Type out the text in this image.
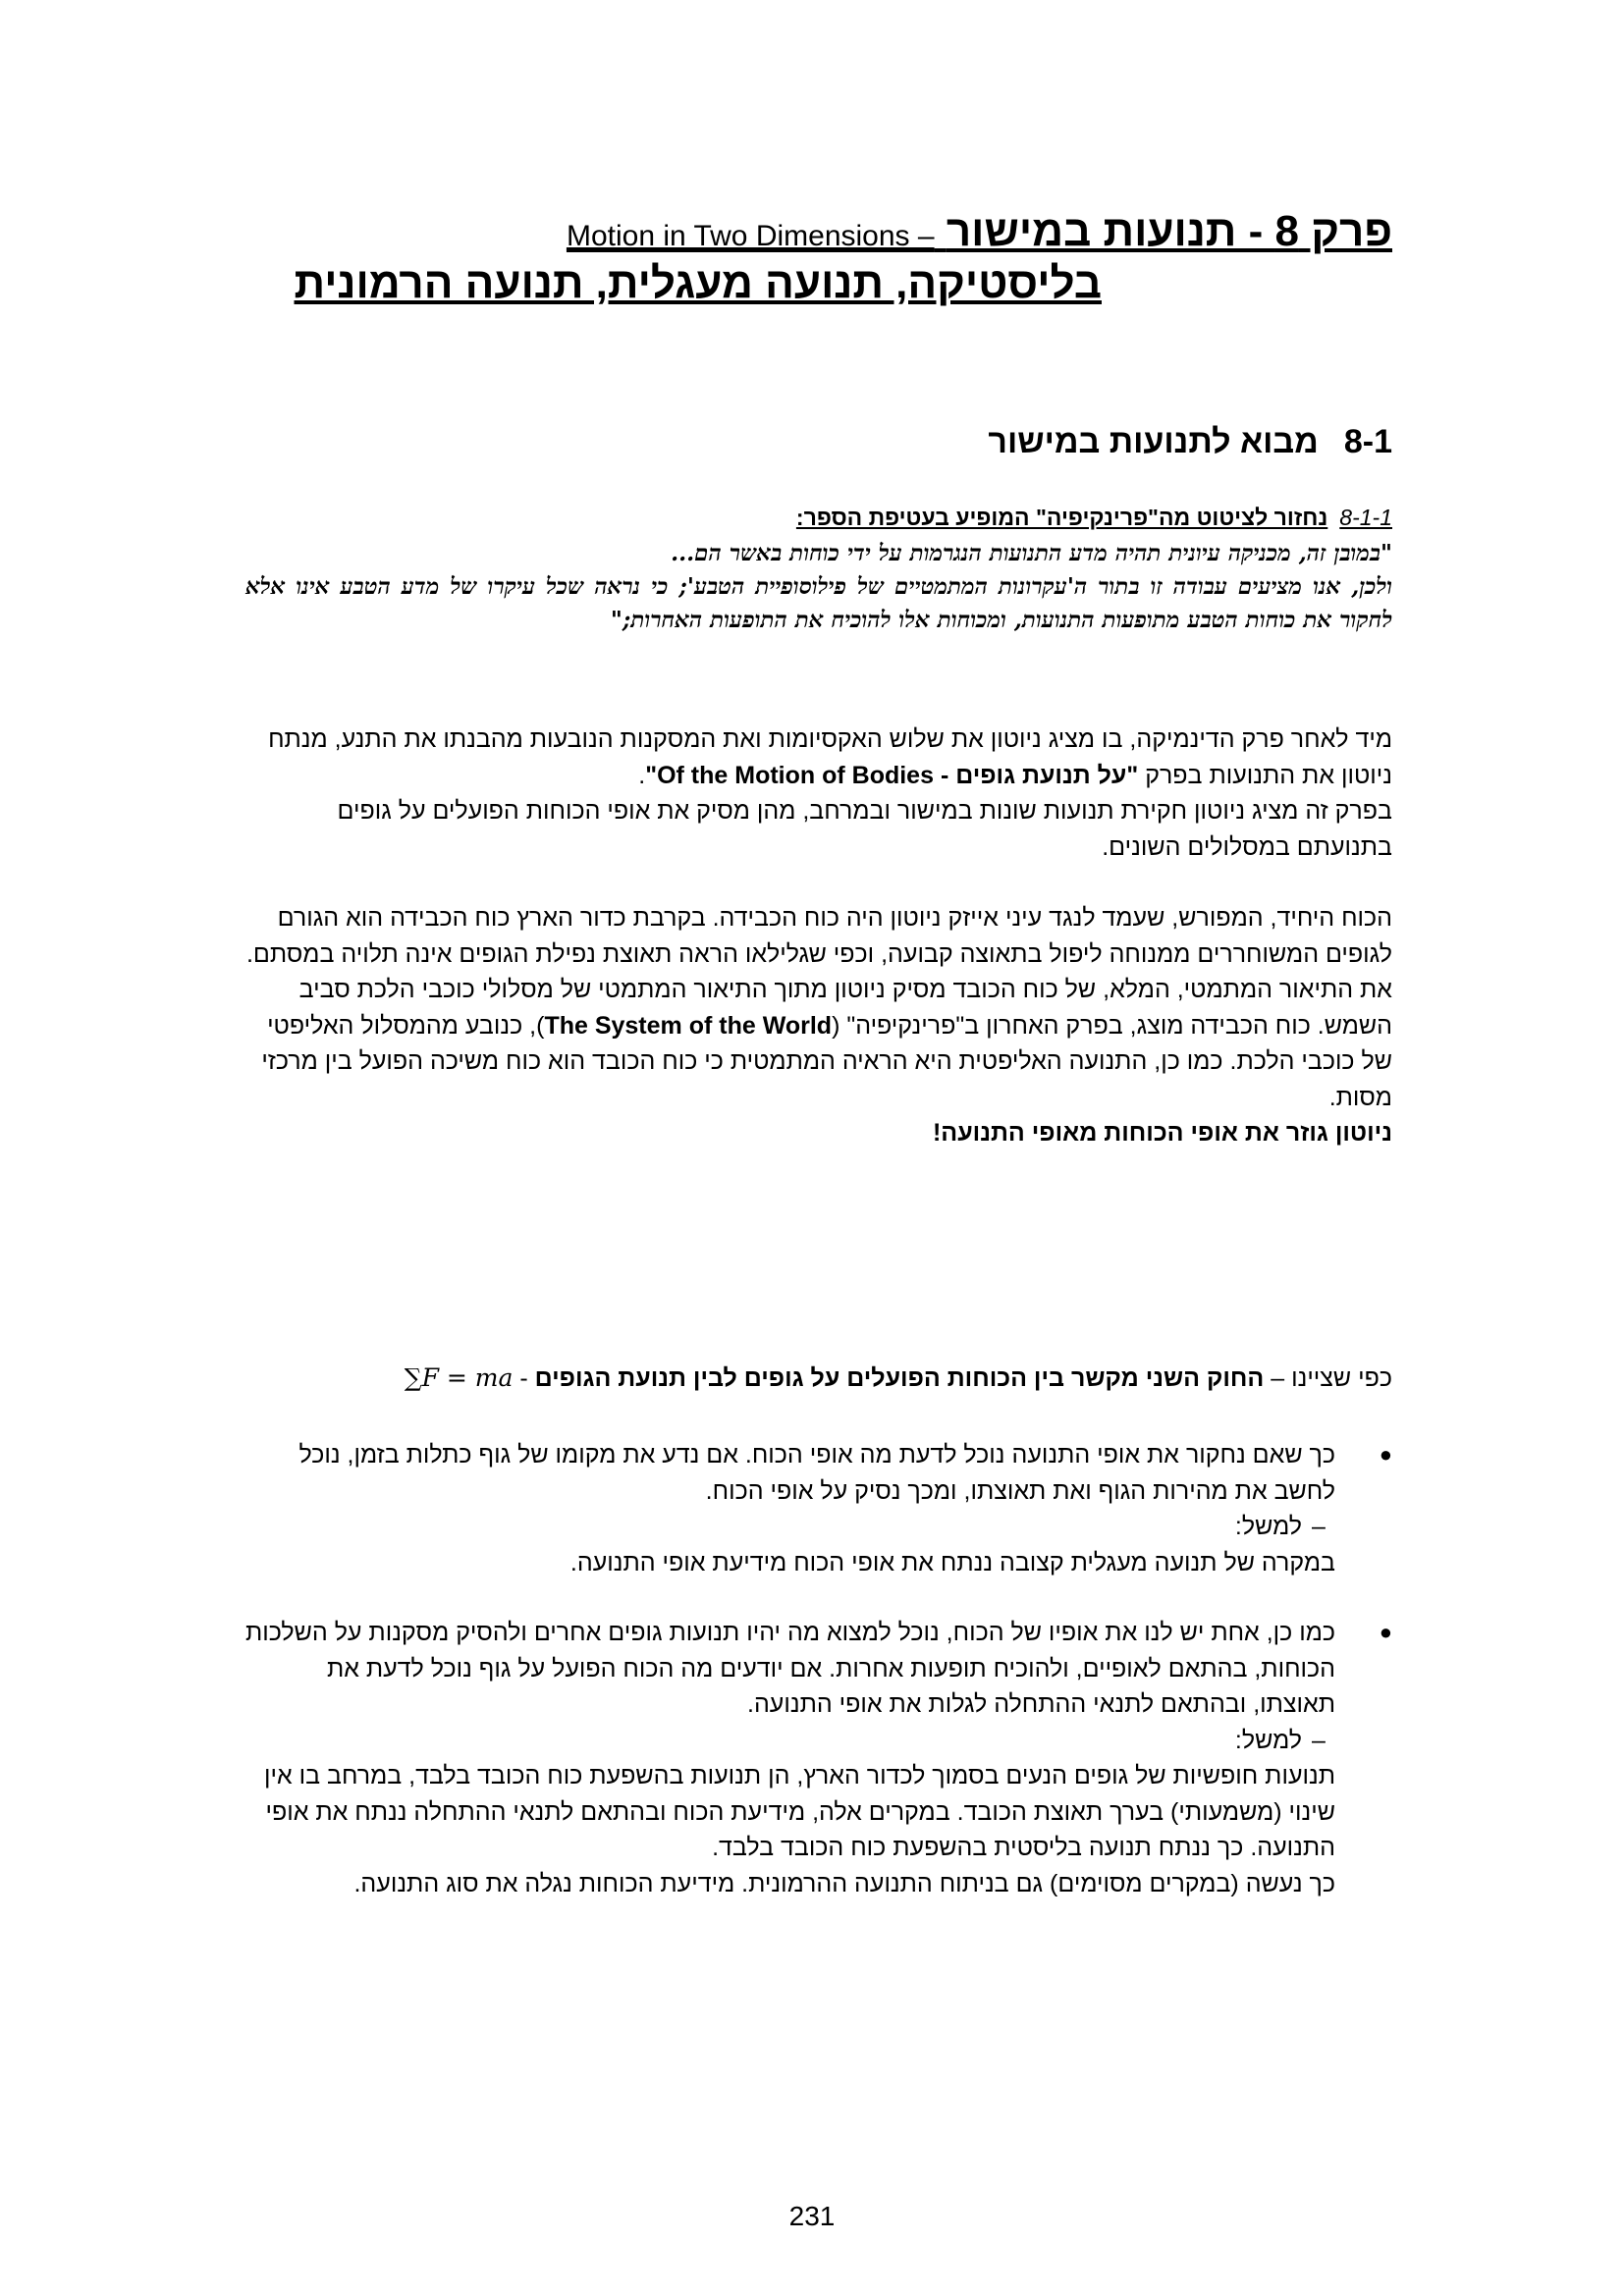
פרק 8 - תנועות במישור Motion in Two Dimensions –
בליסטיקה, תנועה מעגלית, תנועה הרמונית
8-1מבוא לתנועות במישור
8-1-1נחזור לציטוט מה"פרינקיפיה" המופיע בעטיפת הספר:

"במובן זה, מכניקה עיונית תהיה מדע התנועות הנגרמות על ידי כוחות באשר הם...

ולכן, אנו מציעים עבודה זו בתור ה'עקרונות המתמטיים של פילוסופיית הטבע'; כי נראה שכל עיקרו של מדע הטבע אינו אלא לחקור את כוחות הטבע מתופעות התנועות, ומכוחות אלו להוכיח את התופעות האחרות;"

מיד לאחר פרק הדינמיקה, בו מציג ניוטון את שלוש האקסיומות ואת המסקנות הנובעות מהבנתו את התנע, מנתח ניוטון את התנועות בפרק "על תנועת גופים - Of the Motion of Bodies".

בפרק זה מציג ניוטון חקירת תנועות שונות במישור ובמרחב, מהן מסיק את אופי הכוחות הפועלים על גופים בתנועתם במסלולים השונים.

הכוח היחיד, המפורש, שעמד לנגד עיני אייזק ניוטון היה כוח הכבידה. בקרבת כדור הארץ כוח הכבידה הוא הגורם לגופים המשוחררים ממנוחה ליפול בתאוצה קבועה, וכפי שגלילאו הראה תאוצת נפילת הגופים אינה תלויה במסתם.

את התיאור המתמטי, המלא, של כוח הכובד מסיק ניוטון מתוך התיאור המתמטי של מסלולי כוכבי הלכת סביב השמש. כוח הכבידה מוצג, בפרק האחרון ב"פרינקיפיה" (The System of the World), כנובע מהמסלול האליפטי של כוכבי הלכת. כמו כן, התנועה האליפטית היא הראיה המתמטית כי כוח הכובד הוא כוח משיכה הפועל בין מרכזי מסות.

ניוטון גוזר את אופי הכוחות מאופי התנועה!

כפי שציינו – החוק השני מקשר בין הכוחות הפועלים על גופים לבין תנועת הגופים - ∑F = ma
●

כך שאם נחקור את אופי התנועה נוכל לדעת מה אופי הכוח. אם נדע את מקומו של גוף כתלות בזמן, נוכל לחשב את מהירות הגוף ואת תאוצתו, ומכך נסיק על אופי הכוח.

–למשל:

במקרה של תנועה מעגלית קצובה ננתח את אופי הכוח מידיעת אופי התנועה.

●

כמו כן, אחת יש לנו את אופיו של הכוח, נוכל למצוא מה יהיו תנועות גופים אחרים ולהסיק מסקנות על השלכות הכוחות, בהתאם לאופיים, ולהוכיח תופעות אחרות. אם יודעים מה הכוח הפועל על גוף נוכל לדעת את תאוצתו, ובהתאם לתנאי ההתחלה לגלות את אופי התנועה.

–למשל:

תנועות חופשיות של גופים הנעים בסמוך לכדור הארץ, הן תנועות בהשפעת כוח הכובד בלבד, במרחב בו אין שינוי (משמעותי) בערך תאוצת הכובד. במקרים אלה, מידיעת הכוח ובהתאם לתנאי ההתחלה ננתח את אופי התנועה. כך ננתח תנועה בליסטית בהשפעת כוח הכובד בלבד.

כך נעשה (במקרים מסוימים) גם בניתוח התנועה ההרמונית. מידיעת הכוחות נגלה את סוג התנועה.

231
